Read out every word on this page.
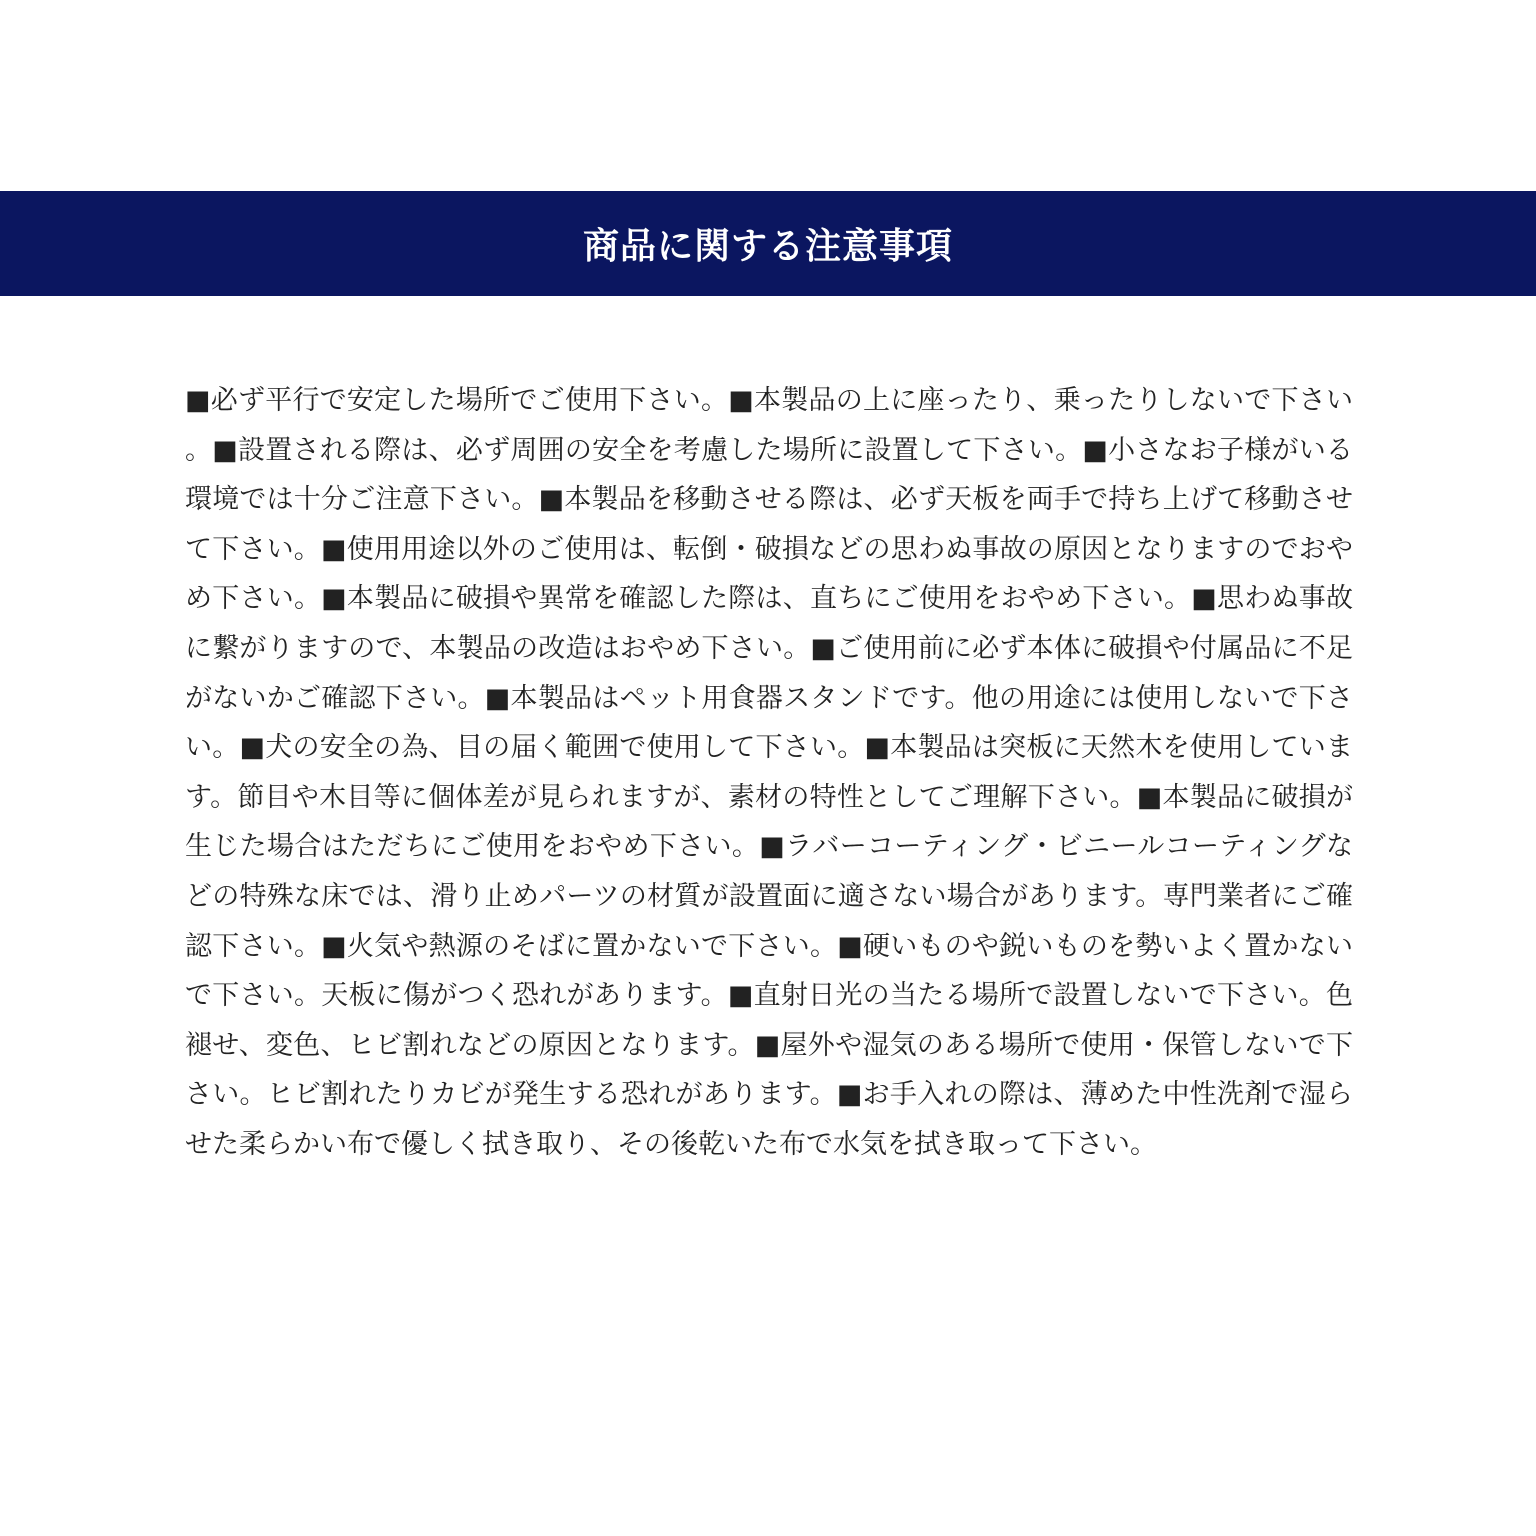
商品に関する注意事項

■必ず平行で安定した場所でご使用下さい。■本製品の上に座ったり、乗ったりしないで下さい。■設置される際は、必ず周囲の安全を考慮した場所に設置して下さい。■小さなお子様がいる環境では十分ご注意下さい。■本製品を移動させる際は、必ず天板を両手で持ち上げて移動させて下さい。■使用用途以外のご使用は、転倒・破損などの思わぬ事故の原因となりますのでおやめ下さい。■本製品に破損や異常を確認した際は、直ちにご使用をおやめ下さい。■思わぬ事故に繋がりますので、本製品の改造はおやめ下さい。■ご使用前に必ず本体に破損や付属品に不足がないかご確認下さい。■本製品はペット用食器スタンドです。他の用途には使用しないで下さい。■犬の安全の為、目の届く範囲で使用して下さい。■本製品は突板に天然木を使用しています。節目や木目等に個体差が見られますが、素材の特性としてご理解下さい。■本製品に破損が生じた場合はただちにご使用をおやめ下さい。■ラバーコーティング・ビニールコーティングなどの特殊な床では、滑り止めパーツの材質が設置面に適さない場合があります。専門業者にご確認下さい。■火気や熱源のそばに置かないで下さい。■硬いものや鋭いものを勢いよく置かないで下さい。天板に傷がつく恐れがあります。■直射日光の当たる場所で設置しないで下さい。色褪せ、変色、ヒビ割れなどの原因となります。■屋外や湿気のある場所で使用・保管しないで下さい。ヒビ割れたりカビが発生する恐れがあります。■お手入れの際は、薄めた中性洗剤で湿らせた柔らかい布で優しく拭き取り、その後乾いた布で水気を拭き取って下さい。
